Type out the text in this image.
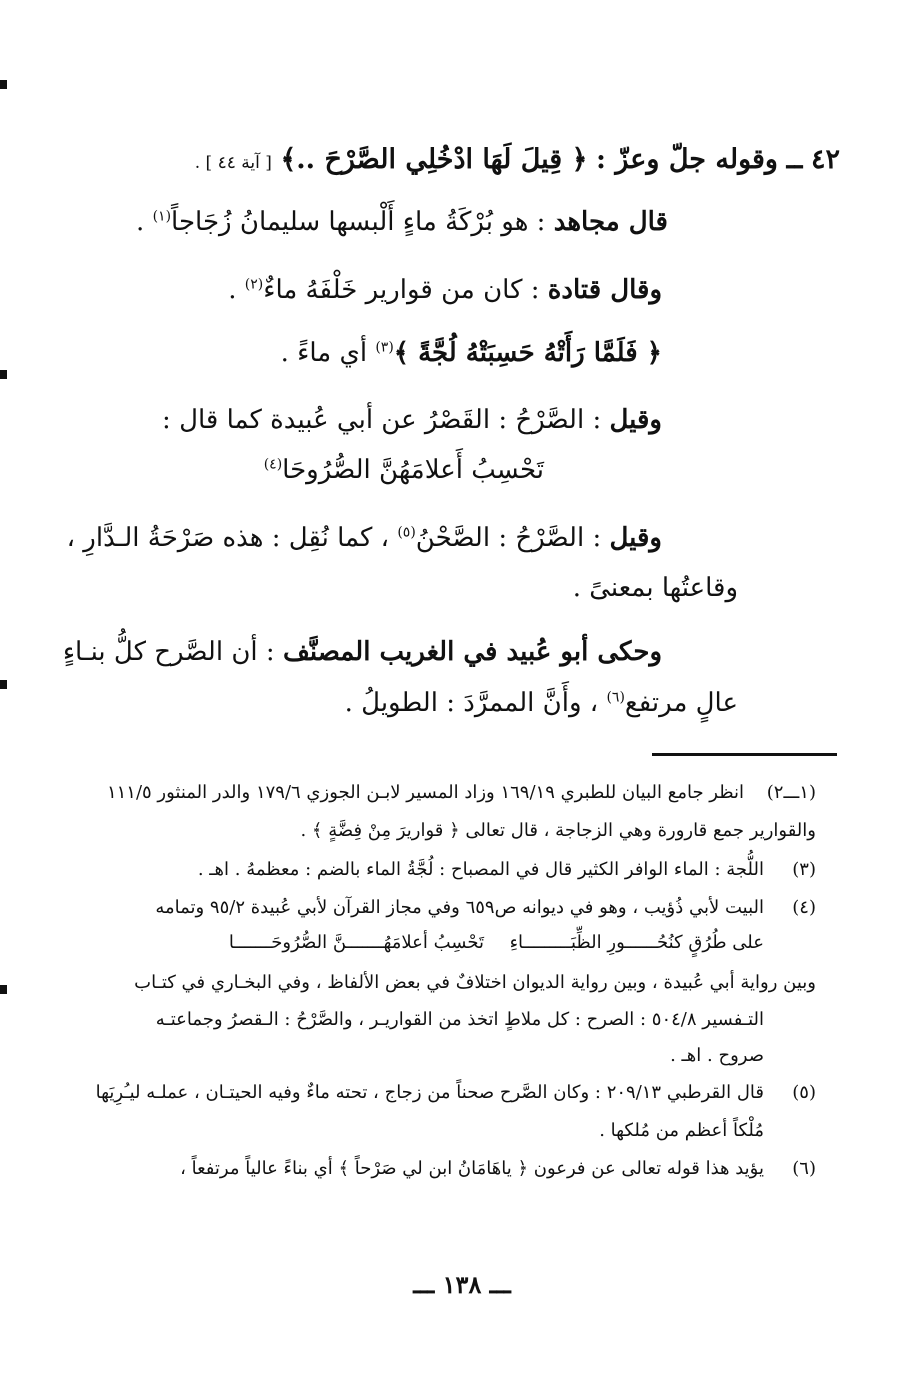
٤٢ ــ وقوله جلّ وعزّ : ﴿ قِيلَ لَهَا ادْخُلِي الصَّرْحَ ..﴾ [ آية ٤٤ ] .
قال مجاهد : هو بُرْكَةُ ماءٍ أَلْبسها سليمانُ زُجَاجاً$^{(١)}$ .
وقال قتادة : كان من قوارير خَلْفَهُ ماءٌ$^{(٢)}$ .
﴿ فَلَمَّا رَأَتْهُ حَسِبَتْهُ لُجَّةً ﴾$^{(٣)}$ أي ماءً .
وقيل : الصَّرْحُ : القَصْرُ عن أبي عُبيدة كما قال :
تَحْسِبُ أَعلامَهُنَّ الصُّرُوحَا$^{(٤)}$
وقيل : الصَّرْحُ : الصَّحْنُ$^{(٥)}$ ، كما نُقِل : هذه صَرْحَةُ الـدَّارِ ،
وقاعتُها بمعنىً .
وحكى أبو عُبيد في الغريب المصنَّف : أن الصَّرح كلُّ بنـاءٍ
عالٍ مرتفع$^{(٦)}$ ، وأَنَّ الممرَّدَ : الطويلُ .
(١ـــ٢)
انظر جامع البيان للطبري ١٦٩/١٩ وزاد المسير لابـن الجوزي ١٧٩/٦ والدر المنثور ١١١/٥
والقوارير جمع قارورة وهي الزجاجة ، قال تعالى ﴿ قواريرَ مِنْ فِضَّةٍ ﴾ .
(٣)
اللُّجة : الماء الوافر الكثير قال في المصباح : لُجَّةُ الماء بالضم : معظمهُ . اهـ .
(٤)
البيت لأبي ذُؤيب ، وهو في ديوانه ص٦٥٩ وفي مجاز القرآن لأبي عُبيدة ٩٥/٢ وتمامه
على طُرُقٍ كنُحُــــــورِ الظِّبَـــــــــاءِ
تَحْسِبُ أعلامَهُـــــــنَّ الصُّرُوحَـــــــا
وبين رواية أبي عُبيدة ، وبين رواية الديوان اختلافٌ في بعض الألفاظ ، وفي البخـاري في كتـاب
التـفسير ٥٠٤/٨ : الصرح : كل ملاطٍ اتخذ من القواريـر ، والصَّرْحُ : الـقصرُ وجماعتـه
صروح . اهـ .
(٥)
قال القرطبي ٢٠٩/١٣ : وكان الصَّرح صحناً من زجاج ، تحته ماءٌ وفيه الحيتـان ، عملـه ليـُرِيَها
مُلْكاً أعظم من مُلكها .
(٦)
يؤيد هذا قوله تعالى عن فرعون ﴿ ياهَامَانُ ابن لي صَرْحاً ﴾ أي بناءً عالياً مرتفعاً ،
ـــ ١٣٨ ـــ
